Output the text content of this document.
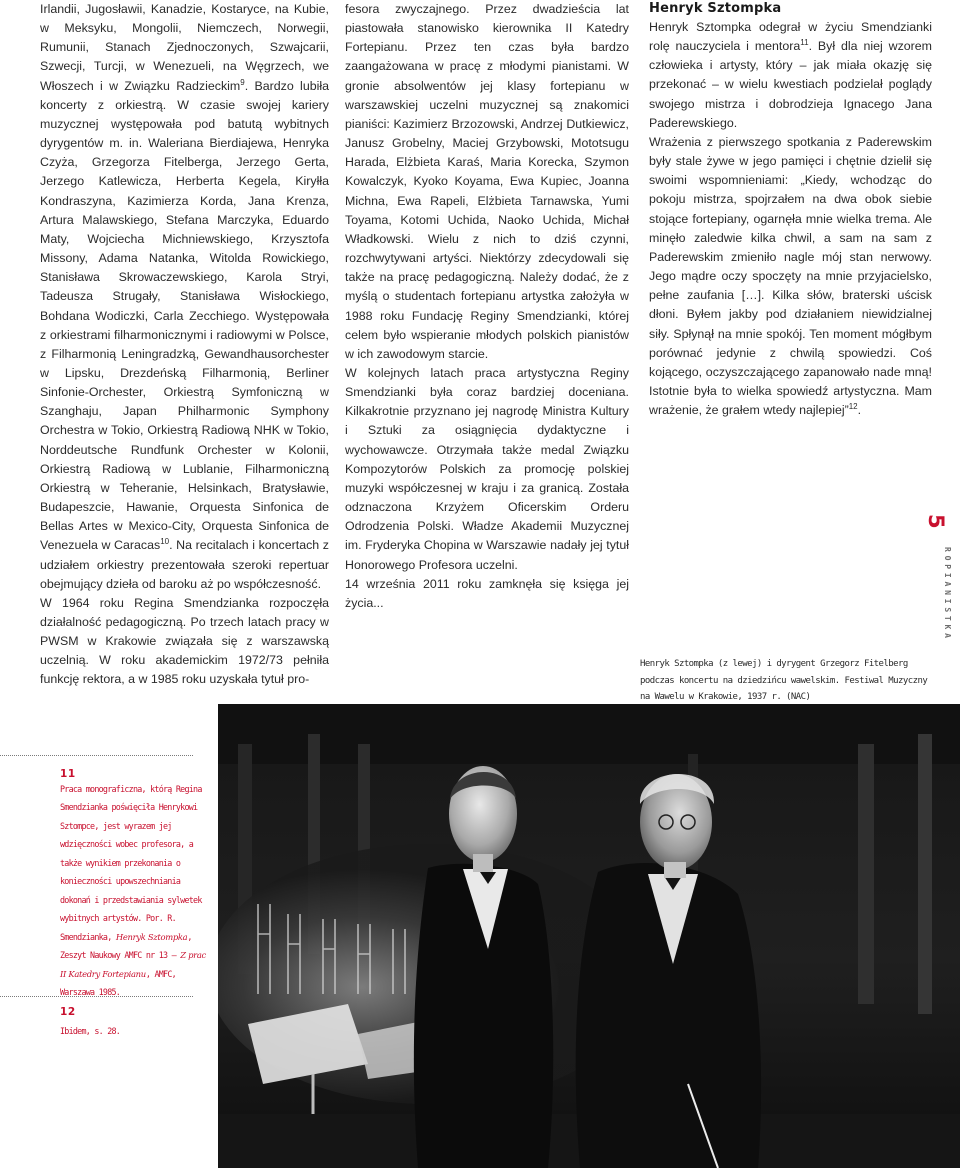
Irlandii, Jugosławii, Kanadzie, Kostaryce, na Kubie, w Meksyku, Mongolii, Niemczech, Norwegii, Rumunii, Stanach Zjednoczonych, Szwajcarii, Szwecji, Turcji, w Wenezueli, na Węgrzech, we Włoszech i w Związku Radzieckim$^9$. Bardzo lubiła koncerty z orkiestrą. W czasie swojej kariery muzycznej występowała pod batutą wybitnych dyrygentów m. in. Waleriana Bierdiajewa, Henryka Czyża, Grzegorza Fitelberga, Jerzego Gerta, Jerzego Katlewicza, Herberta Kegela, Kiryłła Kondraszyna, Kazimierza Korda, Jana Krenza, Artura Malawskiego, Stefana Marczyka, Eduardo Maty, Wojciecha Michniewskiego, Krzysztofa Missony, Adama Natanka, Witolda Rowickiego, Stanisława Skrowaczewskiego, Karola Stryi, Tadeusza Strugały, Stanisława Wisłockiego, Bohdana Wodiczki, Carla Zecchiego. Występowała z orkiestrami filharmonicznymi i radiowymi w Polsce, z Filharmonią Leningradzką, Gewandhausorchester w Lipsku, Drezdeńską Filharmonią, Berliner Sinfonie-Orchester, Orkiestrą Symfoniczną w Szanghaju, Japan Philharmonic Symphony Orchestra w Tokio, Orkiestrą Radiową NHK w Tokio, Norddeutsche Rundfunk Orchester w Kolonii, Orkiestrą Radiową w Lublanie, Filharmoniczną Orkiestrą w Teheranie, Helsinkach, Bratysławie, Budapeszcie, Hawanie, Orquesta Sinfonica de Bellas Artes w Mexico-City, Orquesta Sinfonica de Venezuela w Caracas$^{10}$. Na recitalach i koncertach z udziałem orkiestry prezentowała szeroki repertuar obejmujący dzieła od baroku aż po współczesność.

W 1964 roku Regina Smendzianka rozpoczęła działalność pedagogiczną. Po trzech latach pracy w PWSM w Krakowie związała się z warszawską uczelnią. W roku akademickim 1972/73 pełniła funkcję rektora, a w 1985 roku uzyskała tytuł pro-

fesora zwyczajnego. Przez dwadzieścia lat piastowała stanowisko kierownika II Katedry Fortepianu. Przez ten czas była bardzo zaangażowana w pracę z młodymi pianistami. W gronie absolwentów jej klasy fortepianu w warszawskiej uczelni muzycznej są znakomici pianiści: Kazimierz Brzozowski, Andrzej Dutkiewicz, Janusz Grobelny, Maciej Grzybowski, Mototsugu Harada, Elżbieta Karaś, Maria Korecka, Szymon Kowalczyk, Kyoko Koyama, Ewa Kupiec, Joanna Michna, Ewa Rapeli, Elżbieta Tarnawska, Yumi Toyama, Kotomi Uchida, Naoko Uchida, Michał Władkowski. Wielu z nich to dziś czynni, rozchwytywani artyści. Niektórzy zdecydowali się także na pracę pedagogiczną. Należy dodać, że z myślą o studentach fortepianu artystka założyła w 1988 roku Fundację Reginy Smendzianki, której celem było wspieranie młodych polskich pianistów w ich zawodowym starcie.

W kolejnych latach praca artystyczna Reginy Smendzianki była coraz bardziej doceniana. Kilkakrotnie przyznano jej nagrodę Ministra Kultury i Sztuki za osiągnięcia dydaktyczne i wychowawcze. Otrzymała także medal Związku Kompozytorów Polskich za promocję polskiej muzyki współczesnej w kraju i za granicą. Została odznaczona Krzyżem Oficerskim Orderu Odrodzenia Polski. Władze Akademii Muzycznej im. Fryderyka Chopina w Warszawie nadały jej tytuł Honorowego Profesora uczelni.

14 września 2011 roku zamknęła się księga jej życia...

Henryk Sztompka

Henryk Sztompka odegrał w życiu Smendzianki rolę nauczyciela i mentora$^{11}$. Był dla niej wzorem człowieka i artysty, który – jak miała okazję się przekonać – w wielu kwestiach podzielał poglądy swojego mistrza i dobrodzieja Ignacego Jana Paderewskiego.

Wrażenia z pierwszego spotkania z Paderewskim były stale żywe w jego pamięci i chętnie dzielił się swoimi wspomnieniami: „Kiedy, wchodząc do pokoju mistrza, spojrzałem na dwa obok siebie stojące fortepiany, ogarnęła mnie wielka trema. Ale minęło zaledwie kilka chwil, a sam na sam z Paderewskim zmieniło nagle mój stan nerwowy. Jego mądre oczy spoczęty na mnie przyjacielsko, pełne zaufania […]. Kilka słów, braterski uścisk dłoni. Byłem jakby pod działaniem niewidzialnej siły. Spłynął na mnie spokój. Ten moment mógłbym porównać jedynie z chwilą spowiedzi. Coś kojącego, oczyszczającego zapanowało nade mną! Istotnie była to wielka spowiedź artystyczna. Mam wrażenie, że grałem wtedy najlepiej”$^{12}$.

5
ROPIANISTKA
Henryk Sztompka (z lewej) i dyrygent Grzegorz Fitelberg podczas koncertu na dziedzińcu wawelskim. Festiwal Muzyczny na Wawelu w Krakowie, 1937 r. (NAC)
11
Praca monograficzna, którą Regina Smendzianka poświęciła Henrykowi Sztompce, jest wyrazem jej wdzięczności wobec profesora, a także wynikiem przekonania o konieczności upowszechniania dokonań i przedstawiania sylwetek wybitnych artystów. Por. R. Smendzianka, Henryk Sztompka, Zeszyt Naukowy AMFC nr 13 – Z prac II Katedry Fortepianu, AMFC, Warszawa 1985.
12
Ibidem, s. 28.
